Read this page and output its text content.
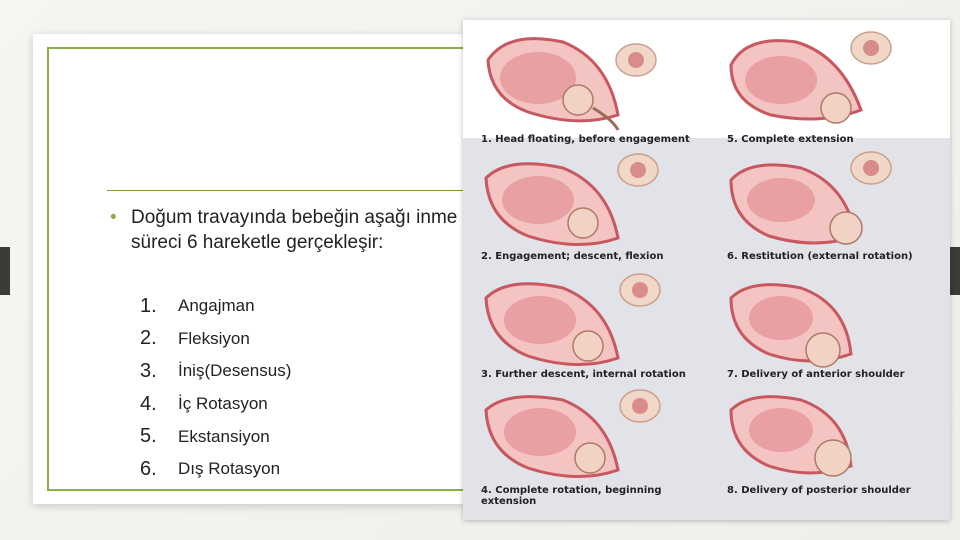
• Doğum travayında bebeğin aşağı inme süreci 6 hareketle gerçekleşir:
1.	Angajman
2.	Fleksiyon
3.	İniş(Desensus)
4.	İç Rotasyon
5.	Ekstansiyon
6.	Dış Rotasyon
1. Head floating, before engagement	5. Complete extension
2. Engagement; descent, flexion	6. Restitution (external rotation)
3. Further descent, internal rotation	7. Delivery of anterior shoulder
4. Complete rotation, beginning extension
8. Delivery of posterior shoulder
